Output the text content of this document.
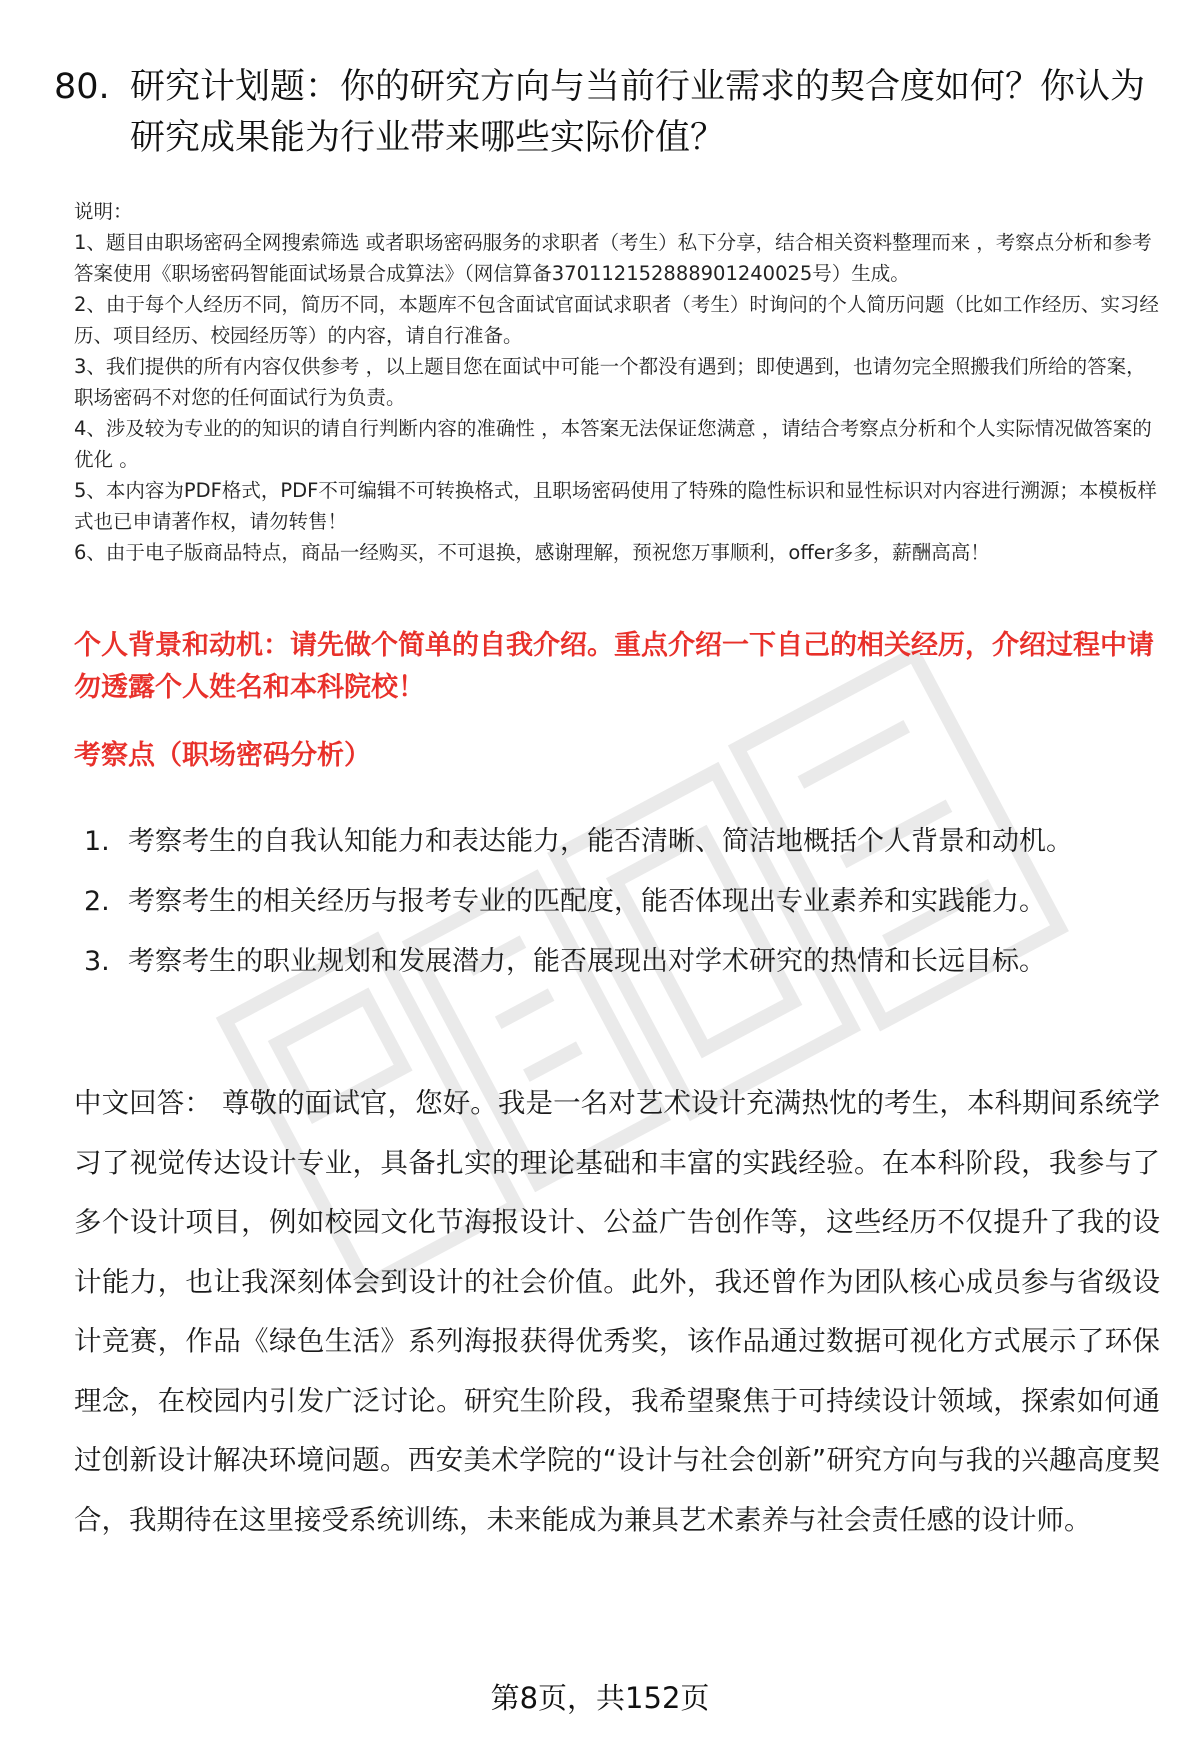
80. 研究计划题：你的研究方向与当前行业需求的契合度如何？你认为研究成果能为行业带来哪些实际价值？

说明：

1、题目由职场密码全网搜索筛选 或者职场密码服务的求职者（考生）私下分享，结合相关资料整理而来 ，考察点分析和参考答案使用《职场密码智能面试场景合成算法》（网信算备370112152888901240025号）生成。

2、由于每个人经历不同，简历不同，本题库不包含面试官面试求职者（考生）时询问的个人简历问题（比如工作经历、实习经历、项目经历、校园经历等）的内容，请自行准备。

3、我们提供的所有内容仅供参考 ，以上题目您在面试中可能一个都没有遇到；即使遇到，也请勿完全照搬我们所给的答案，职场密码不对您的任何面试行为负责。

4、涉及较为专业的的知识的请自行判断内容的准确性 ，本答案无法保证您满意 ，请结合考察点分析和个人实际情况做答案的优化 。

5、本内容为PDF格式，PDF不可编辑不可转换格式，且职场密码使用了特殊的隐性标识和显性标识对内容进行溯源；本模板样式也已申请著作权，请勿转售！

6、由于电子版商品特点，商品一经购买，不可退换，感谢理解，预祝您万事顺利，offer多多，薪酬高高！

个人背景和动机：请先做个简单的自我介绍。重点介绍一下自己的相关经历，介绍过程中请勿透露个人姓名和本科院校！
考察点（职场密码分析）
1. 考察考生的自我认知能力和表达能力，能否清晰、简洁地概括个人背景和动机。
2. 考察考生的相关经历与报考专业的匹配度，能否体现出专业素养和实践能力。
3. 考察考生的职业规划和发展潜力，能否展现出对学术研究的热情和长远目标。
中文回答： 尊敬的面试官，您好。我是一名对艺术设计充满热忱的考生，本科期间系统学习了视觉传达设计专业，具备扎实的理论基础和丰富的实践经验。在本科阶段，我参与了多个设计项目，例如校园文化节海报设计、公益广告创作等，这些经历不仅提升了我的设计能力，也让我深刻体会到设计的社会价值。此外，我还曾作为团队核心成员参与省级设计竞赛，作品《绿色生活》系列海报获得优秀奖，该作品通过数据可视化方式展示了环保理念，在校园内引发广泛讨论。研究生阶段，我希望聚焦于可持续设计领域，探索如何通过创新设计解决环境问题。西安美术学院的“设计与社会创新”研究方向与我的兴趣高度契合，我期待在这里接受系统训练，未来能成为兼具艺术素养与社会责任感的设计师。
第8页，共152页
